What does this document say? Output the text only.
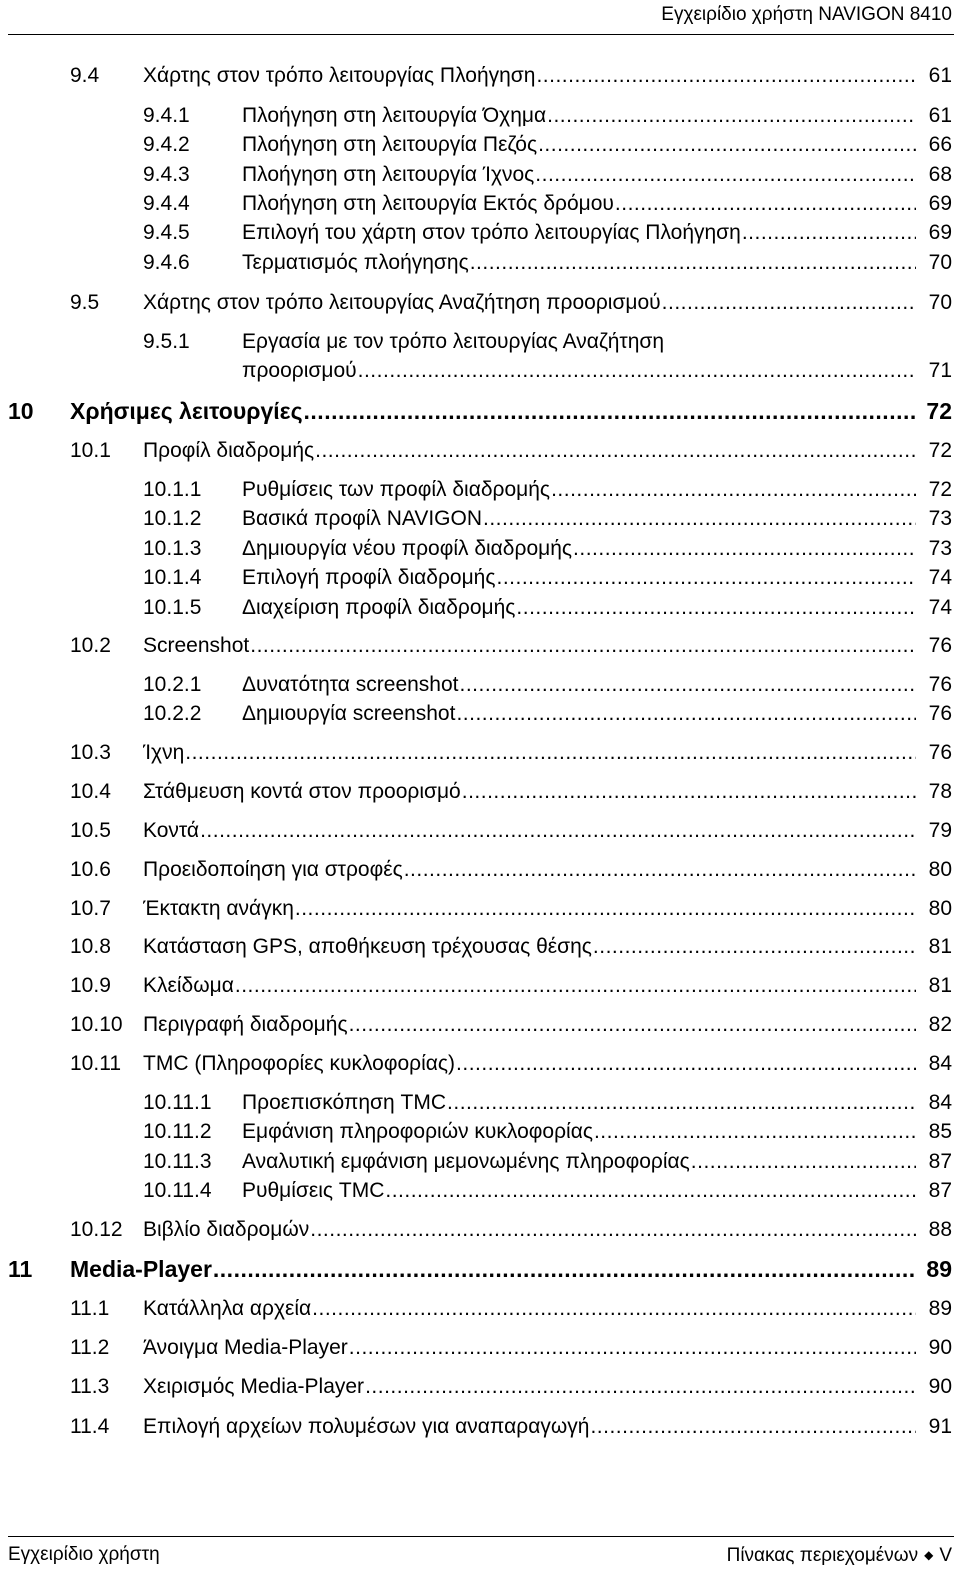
Εγχειρίδιο χρήστη NAVIGON 8410
9.4 Χάρτης στον τρόπο λειτουργίας Πλοήγηση .....	61
9.4.1 Πλοήγηση στη λειτουργία Όχημα .....	61
9.4.2 Πλοήγηση στη λειτουργία Πεζός .....	66
9.4.3 Πλοήγηση στη λειτουργία Ίχνος .....	68
9.4.4 Πλοήγηση στη λειτουργία Εκτός δρόμου .....	69
9.4.5 Επιλογή του χάρτη στον τρόπο λειτουργίας Πλοήγηση .....	69
9.4.6 Τερματισμός πλοήγησης .....	70
9.5 Χάρτης στον τρόπο λειτουργίας Αναζήτηση προορισμού .....	70
9.5.1 Εργασία με τον τρόπο λειτουργίας Αναζήτηση
προορισμού .....	71
10 Χρήσιμες λειτουργίες .....	72
10.1 Προφίλ διαδρομής .....	72
10.1.1 Ρυθμίσεις των προφίλ διαδρομής .....	72
10.1.2 Βασικά προφίλ NAVIGON .....	73
10.1.3 Δημιουργία νέου προφίλ διαδρομής .....	73
10.1.4 Επιλογή προφίλ διαδρομής .....	74
10.1.5 Διαχείριση προφίλ διαδρομής .....	74
10.2 Screenshot .....	76
10.2.1 Δυνατότητα screenshot .....	76
10.2.2 Δημιουργία screenshot .....	76
10.3 Ίχνη .....	76
10.4 Στάθμευση κοντά στον προορισμό .....	78
10.5 Κοντά .....	79
10.6 Προειδοποίηση για στροφές .....	80
10.7 Έκτακτη ανάγκη .....	80
10.8 Κατάσταση GPS, αποθήκευση τρέχουσας θέσης .....	81
10.9 Κλείδωμα .....	81
10.10 Περιγραφή διαδρομής .....	82
10.11 TMC (Πληροφορίες κυκλοφορίας) .....	84
10.11.1 Προεπισκόπηση TMC .....	84
10.11.2 Εμφάνιση πληροφοριών κυκλοφορίας .....	85
10.11.3 Αναλυτική εμφάνιση μεμονωμένης πληροφορίας .....	87
10.11.4 Ρυθμίσεις TMC .....	87
10.12 Βιβλίο διαδρομών .....	88
11 Media-Player .....	89
11.1 Κατάλληλα αρχεία .....	89
11.2 Άνοιγμα Media-Player .....	90
11.3 Χειρισμός Media-Player .....	90
11.4 Επιλογή αρχείων πολυμέσων για αναπαραγωγή .....	91
Εγχειρίδιο χρήστη	Πίνακας περιεχομένων ◆ V
